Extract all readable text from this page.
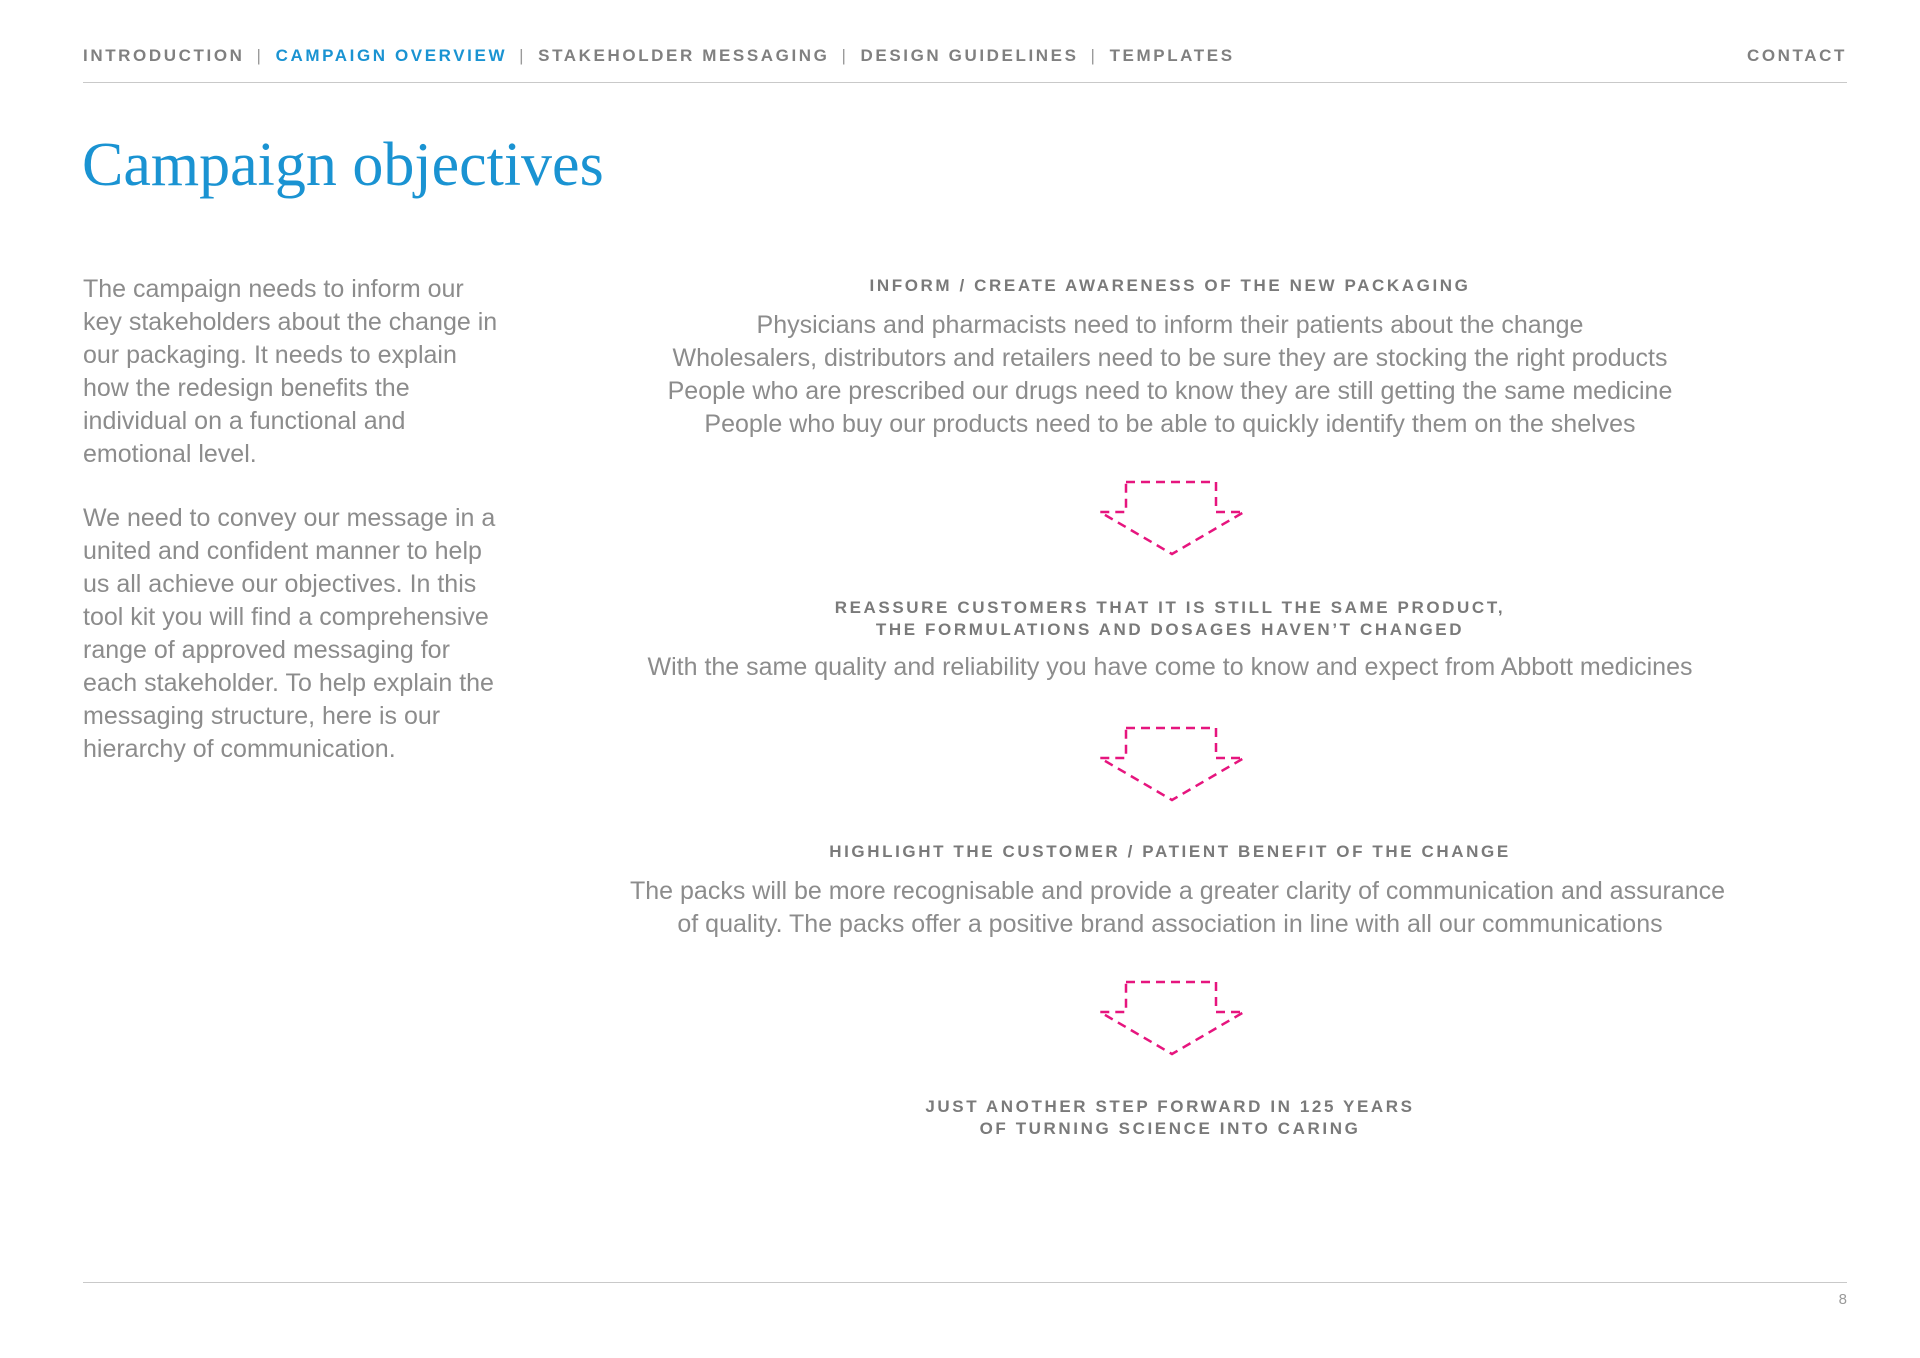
INTRODUCTION | CAMPAIGN OVERVIEW | STAKEHOLDER MESSAGING | DESIGN GUIDELINES | TEMPLATES	CONTACT
Campaign objectives

The campaign needs to inform our key stakeholders about the change in our packaging. It needs to explain how the redesign benefits the individual on a functional and emotional level.

We need to convey our message in a united and confident manner to help us all achieve our objectives. In this tool kit you will find a comprehensive range of approved messaging for each stakeholder. To help explain the messaging structure, here is our hierarchy of communication.

INFORM / CREATE AWARENESS OF THE NEW PACKAGING
Physicians and pharmacists need to inform their patients about the change
Wholesalers, distributors and retailers need to be sure they are stocking the right products
People who are prescribed our drugs need to know they are still getting the same medicine
People who buy our products need to be able to quickly identify them on the shelves
REASSURE CUSTOMERS THAT IT IS STILL THE SAME PRODUCT,
THE FORMULATIONS AND DOSAGES HAVEN’T CHANGED
With the same quality and reliability you have come to know and expect from Abbott medicines
HIGHLIGHT THE CUSTOMER / PATIENT BENEFIT OF THE CHANGE
The packs will be more recognisable and provide a greater clarity of communication and assurance
of quality. The packs offer a positive brand association in line with all our communications
JUST ANOTHER STEP FORWARD IN 125 YEARS
OF TURNING SCIENCE INTO CARING
8
